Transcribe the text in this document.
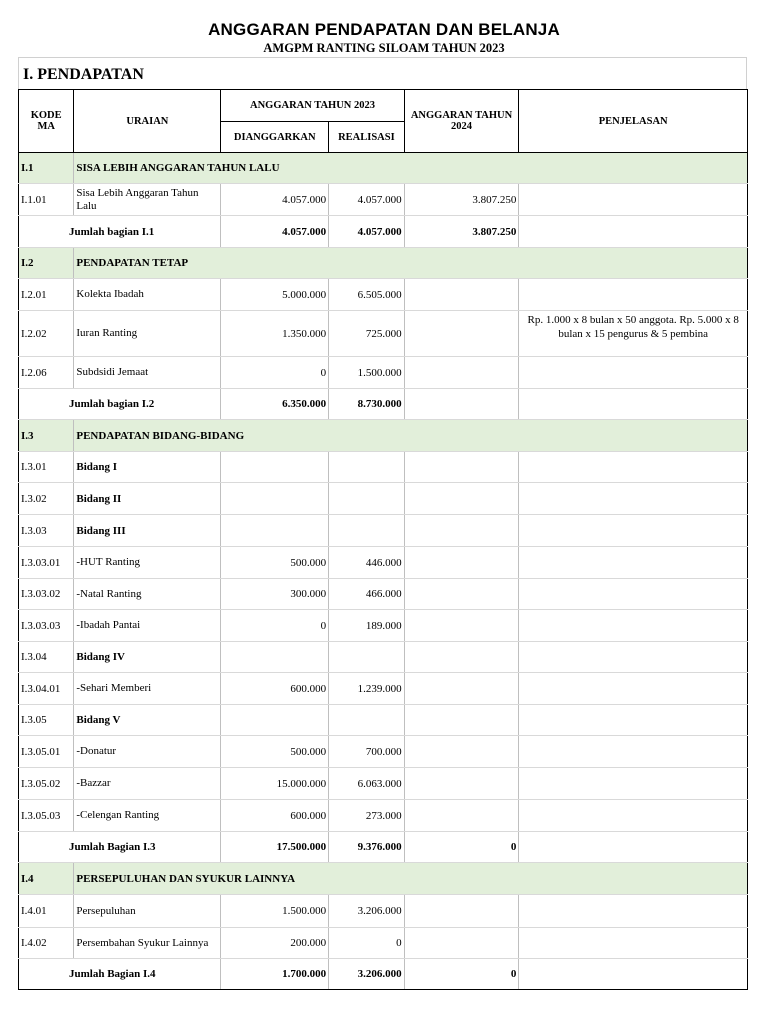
ANGGARAN PENDAPATAN DAN BELANJA
AMGPM RANTING SILOAM TAHUN 2023
I. PENDAPATAN
KODE MA	URAIAN	ANGGARAN TAHUN 2023		ANGGARAN TAHUN 2024	PENJELASAN
		DIANGGARKAN	REALISASI		
I.1	SISA LEBIH ANGGARAN TAHUN LALU				
I.1.01	Sisa Lebih Anggaran Tahun Lalu	4.057.000	4.057.000	3.807.250	
Jumlah bagian I.1		4.057.000	4.057.000	3.807.250	
I.2	PENDAPATAN TETAP				
I.2.01	Kolekta Ibadah	5.000.000	6.505.000		
I.2.02	Iuran Ranting	1.350.000	725.000		Rp. 1.000 x 8 bulan x 50 anggota. Rp. 5.000 x 8 bulan x 15 pengurus & 5 pembina
I.2.06	Subdsidi Jemaat	0	1.500.000		
Jumlah bagian I.2		6.350.000	8.730.000		
I.3	PENDAPATAN BIDANG-BIDANG				
I.3.01	Bidang I				
I.3.02	Bidang II				
I.3.03	Bidang III				
I.3.03.01	-HUT Ranting	500.000	446.000		
I.3.03.02	-Natal Ranting	300.000	466.000		
I.3.03.03	-Ibadah Pantai	0	189.000		
I.3.04	Bidang IV				
I.3.04.01	-Sehari Memberi	600.000	1.239.000		
I.3.05	Bidang V				
I.3.05.01	-Donatur	500.000	700.000		
I.3.05.02	-Bazzar	15.000.000	6.063.000		
I.3.05.03	-Celengan Ranting	600.000	273.000		
Jumlah Bagian I.3		17.500.000	9.376.000	0	
I.4	PERSEPULUHAN DAN SYUKUR LAINNYA				
I.4.01	Persepuluhan	1.500.000	3.206.000		
I.4.02	Persembahan Syukur Lainnya	200.000	0		
Jumlah Bagian I.4		1.700.000	3.206.000	0	
